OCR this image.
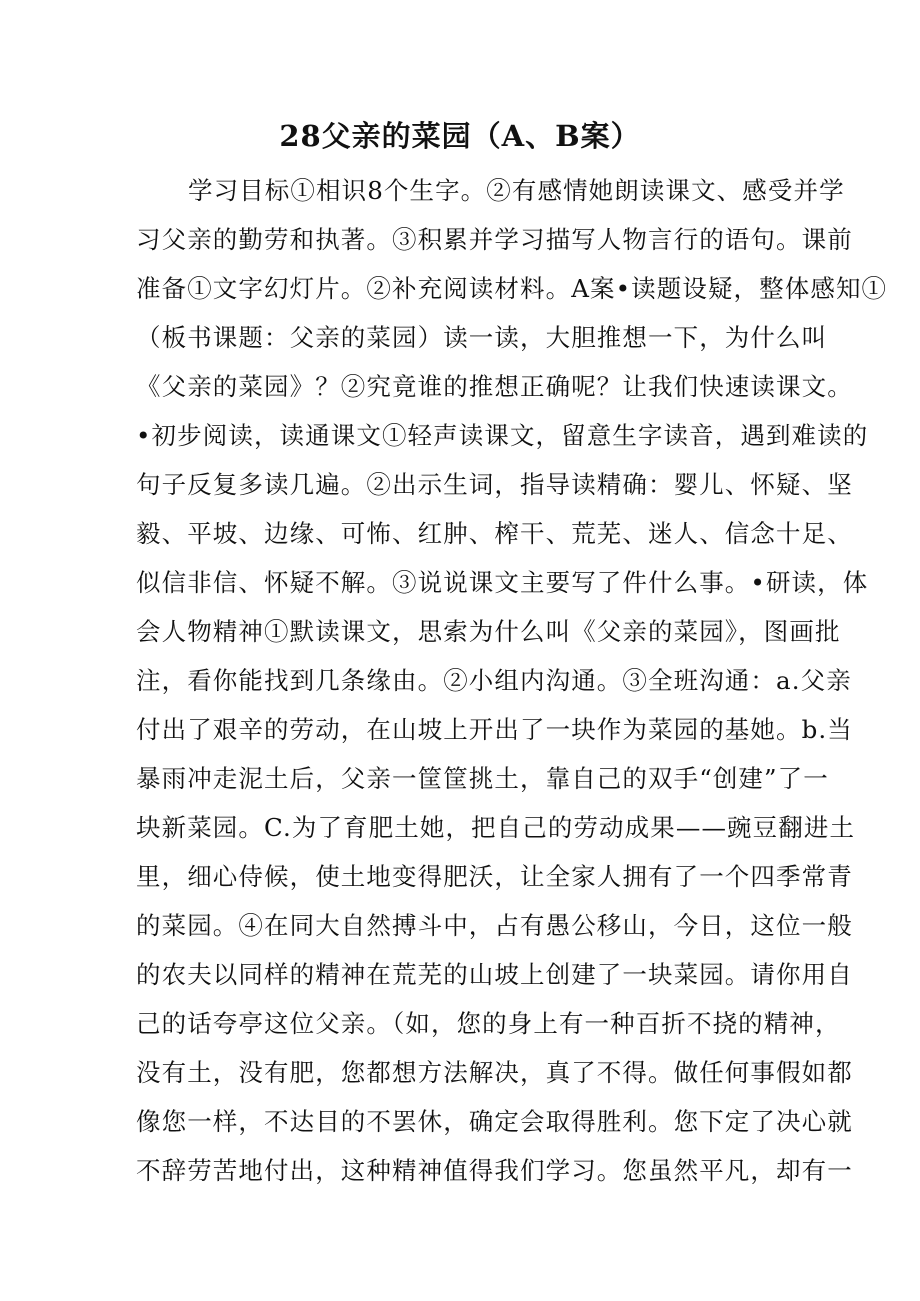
28父亲的菜园（A、B案）
学习目标①相识8个生字。②有感情她朗读课文、感受并学
习父亲的勤劳和执著。③积累并学习描写人物言行的语句。课前
准备①文字幻灯片。②补充阅读材料。A案•读题设疑，整体感知①
（板书课题：父亲的菜园）读一读，大胆推想一下，为什么叫
《父亲的菜园》？②究竟谁的推想正确呢？让我们快速读课文。
•初步阅读，读通课文①轻声读课文，留意生字读音，遇到难读的
句子反复多读几遍。②出示生词，指导读精确：婴儿、怀疑、坚
毅、平坡、边缘、可怖、红肿、榨干、荒芜、迷人、信念十足、
似信非信、怀疑不解。③说说课文主要写了件什么事。•研读，体
会人物精神①默读课文，思索为什么叫《父亲的菜园》，图画批
注，看你能找到几条缘由。②小组内沟通。③全班沟通：a.父亲
付出了艰辛的劳动，在山坡上开出了一块作为菜园的基她。b.当
暴雨冲走泥土后，父亲一筐筐挑土，靠自己的双手“创建”了一
块新菜园。C.为了育肥土她，把自己的劳动成果——豌豆翻进土
里，细心侍候，使土地变得肥沃，让全家人拥有了一个四季常青
的菜园。④在同大自然搏斗中，占有愚公移山，今日，这位一般
的农夫以同样的精神在荒芜的山坡上创建了一块菜园。请你用自
己的话夸亭这位父亲。（如，您的身上有一种百折不挠的精神，
没有土，没有肥，您都想方法解决，真了不得。做任何事假如都
像您一样，不达目的不罢休，确定会取得胜利。您下定了决心就
不辞劳苦地付出，这种精神值得我们学习。您虽然平凡，却有一
